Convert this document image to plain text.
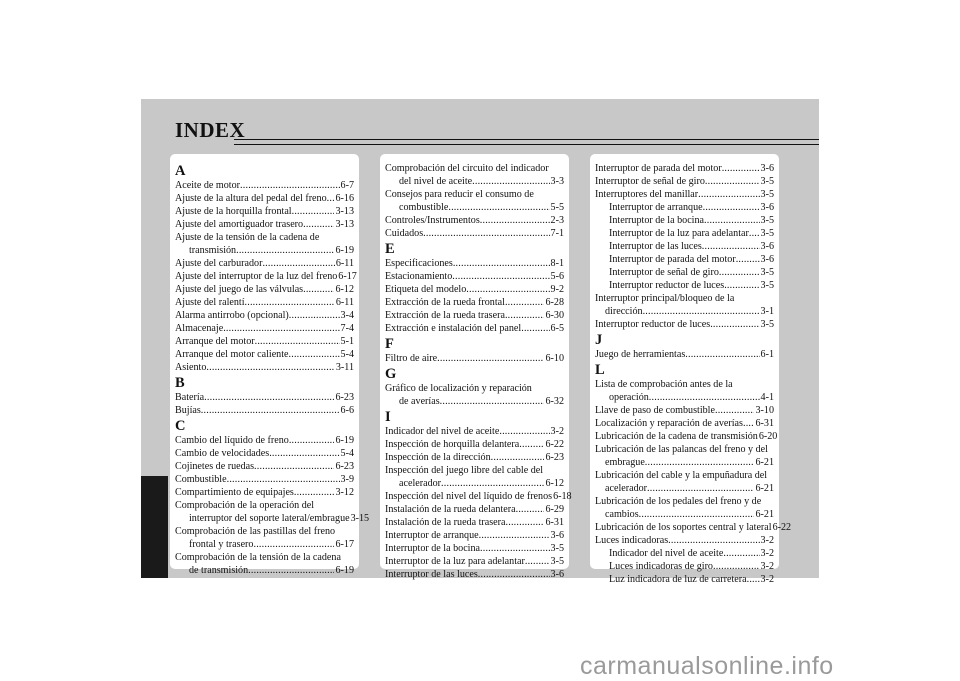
INDEX
A
Aceite de motor .....	6-7
Ajuste de la altura del pedal del freno ..... 6-16
Ajuste de la horquilla frontal .....	3-13
Ajuste del amortiguador trasero .....	3-13
Ajuste de la tensión de la cadena de
transmisión .....	6-19
Ajuste del carburador .....	6-11
Ajuste del interruptor de la luz del freno 6-17
Ajuste del juego de las válvulas .....	6-12
Ajuste del ralentí .....	6-11
Alarma antirrobo (opcional) .....	3-4
Almacenaje .....	7-4
Arranque del motor .....	5-1
Arranque del motor caliente .....	5-4
Asiento .....	3-11
B
Batería .....	6-23
Bujías .....	6-6
C
Cambio del líquido de freno .....	6-19
Cambio de velocidades .....	5-4
Cojinetes de ruedas .....	6-23
Combustible .....	3-9
Compartimiento de equipajes .....	3-12
Comprobación de la operación del
interruptor del soporte lateral/embrague 3-15
Comprobación de las pastillas del freno
frontal y trasero .....	6-17
Comprobación de la tensión de la cadena
de transmisión .....	6-19
Comprobación del circuito del indicador
del nivel de aceite .....	3-3
Consejos para reducir el consumo de
combustible .....	5-5
Controles/Instrumentos .....	2-3
Cuidados .....	7-1
E
Especificaciones .....	8-1
Estacionamiento .....	5-6
Etiqueta del modelo .....	9-2
Extracción de la rueda frontal .....	6-28
Extracción de la rueda trasera .....	6-30
Extracción e instalación del panel .....	6-5
F
Filtro de aire .....	6-10
G
Gráfico de localización y reparación
de averías .....	6-32
I
Indicador del nivel de aceite .....	3-2
Inspección de horquilla delantera .....	6-22
Inspección de la dirección .....	6-23
Inspección del juego libre del cable del
acelerador .....	6-12
Inspección del nivel del líquido de frenos 6-18
Instalación de la rueda delantera .....	6-29
Instalación de la rueda trasera .....	6-31
Interruptor de arranque .....	3-6
Interruptor de la bocina .....	3-5
Interruptor de la luz para adelantar .....	3-5
Interruptor de las luces .....	3-6
Interruptor de parada del motor .....	3-6
Interruptor de señal de giro .....	3-5
Interruptores del manillar .....	3-5
Interruptor de arranque .....	3-6
Interruptor de la bocina .....	3-5
Interruptor de la luz para adelantar ..... 3-5
Interruptor de las luces .....	3-6
Interruptor de parada del motor ..... 3-6
Interruptor de señal de giro .....	3-5
Interruptor reductor de luces .....	3-5
Interruptor principal/bloqueo de la
dirección .....	3-1
Interruptor reductor de luces .....	3-5
J
Juego de herramientas .....	6-1
L
Lista de comprobación antes de la
operación .....	4-1
Llave de paso de combustible .....	3-10
Localización y reparación de averías ..... 6-31
Lubricación de la cadena de transmisión 6-20
Lubricación de las palancas del freno y del
embrague .....	6-21
Lubricación del cable y la empuñadura del
acelerador .....	6-21
Lubricación de los pedales del freno y de
cambios .....	6-21
Lubricación de los soportes central y lateral 6-22
Luces indicadoras .....	3-2
Indicador del nivel de aceite .....	3-2
Luces indicadoras de giro .....	3-2
Luz indicadora de luz de carretera ..... 3-2
carmanualsonline.info
